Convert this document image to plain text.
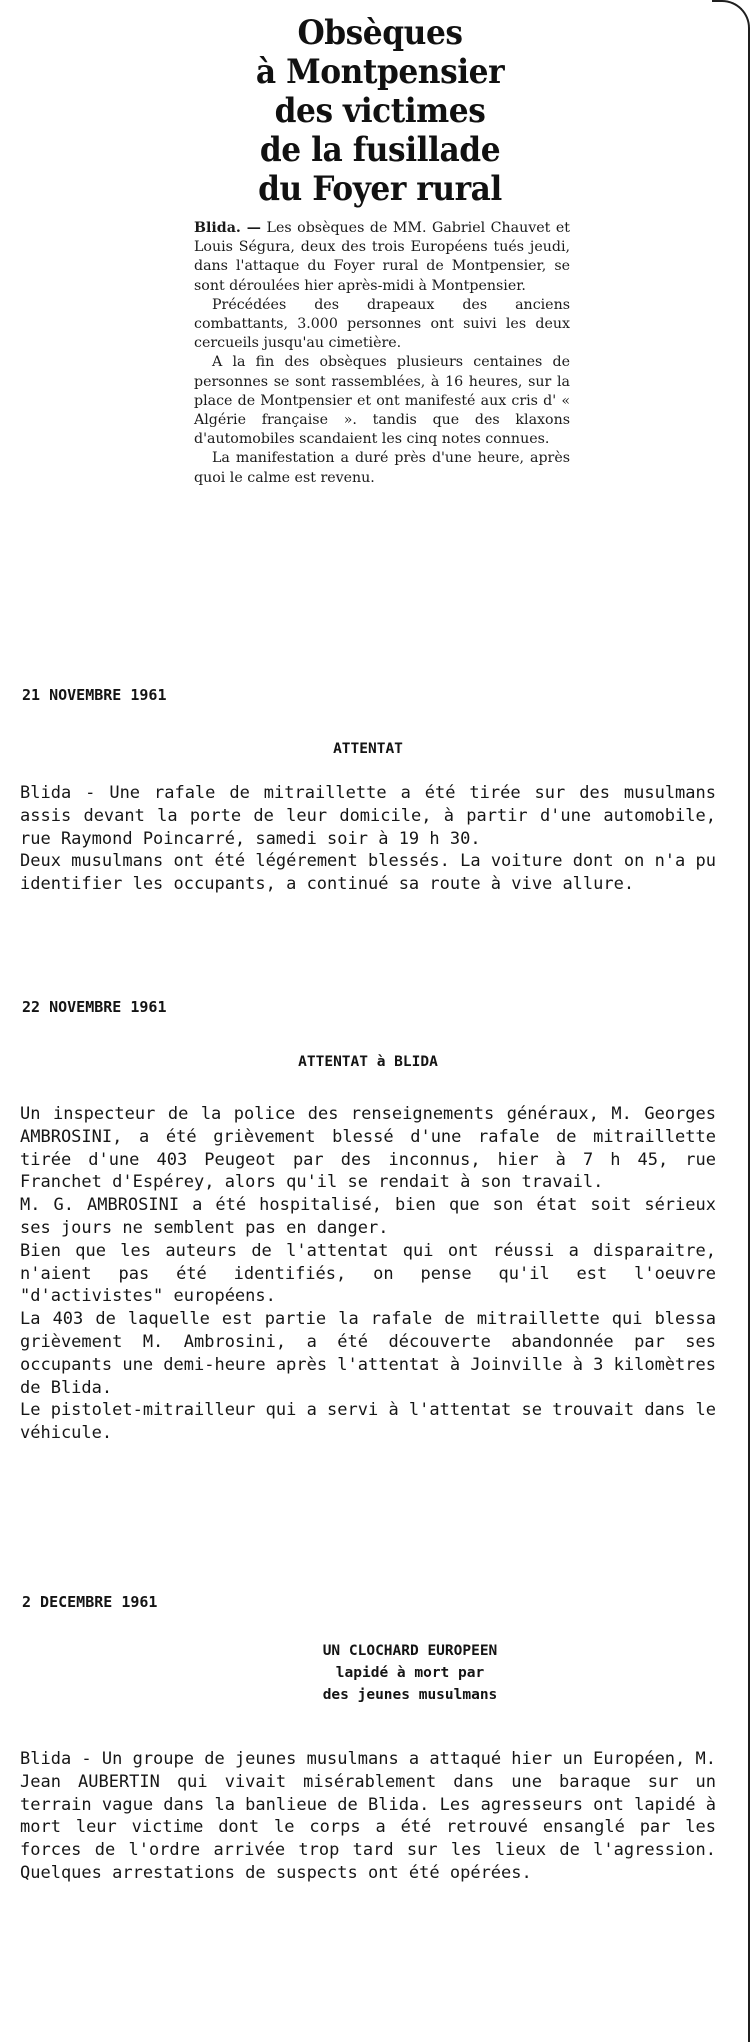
Obsèques
à Montpensier
des victimes
de la fusillade
du Foyer rural

Blida. — Les obsèques de MM. Gabriel Chauvet et Louis Ségura, deux des trois Européens tués jeudi, dans l'attaque du Foyer rural de Montpensier, se sont déroulées hier après-midi à Montpensier.

Précédées des drapeaux des anciens combattants, 3.000 personnes ont suivi les deux cercueils jusqu'au cimetière.

A la fin des obsèques plusieurs centaines de personnes se sont rassemblées, à 16 heures, sur la place de Montpensier et ont manifesté aux cris d' « Algérie française ». tandis que des klaxons d'automobiles scandaient les cinq notes connues.

La manifestation a duré près d'une heure, après quoi le calme est revenu.

21 NOVEMBRE 1961
ATTENTAT

Blida - Une rafale de mitraillette a été tirée sur des musulmans assis devant la porte de leur domicile, à partir d'une automobile, rue Raymond Poincarré, samedi soir à 19 h 30.

Deux musulmans ont été légérement blessés. La voiture dont on n'a pu identifier les occupants, a continué sa route à vive allure.

22 NOVEMBRE 1961
ATTENTAT à BLIDA

Un inspecteur de la police des renseignements généraux, M. Georges AMBROSINI, a été grièvement blessé d'une rafale de mitraillette tirée d'une 403 Peugeot par des inconnus, hier à 7 h 45, rue Franchet d'Espérey, alors qu'il se rendait à son travail.

M. G. AMBROSINI a été hospitalisé, bien que son état soit sérieux ses jours ne semblent pas en danger.

Bien que les auteurs de l'attentat qui ont réussi a disparaitre, n'aient pas été identifiés, on pense qu'il est l'oeuvre "d'activistes" européens.

La 403 de laquelle est partie la rafale de mitraillette qui blessa grièvement M. Ambrosini, a été découverte abandonnée par ses occupants une demi-heure après l'attentat à Joinville à 3 kilomètres de Blida.

Le pistolet-mitrailleur qui a servi à l'attentat se trouvait dans le véhicule.

2 DECEMBRE 1961
UN CLOCHARD EUROPEEN
lapidé à mort par
des jeunes musulmans

Blida - Un groupe de jeunes musulmans a attaqué hier un Européen, M. Jean AUBERTIN qui vivait misérablement dans une baraque sur un terrain vague dans la banlieue de Blida. Les agresseurs ont lapidé à mort leur victime dont le corps a été retrouvé ensanglé par les forces de l'ordre arrivée trop tard sur les lieux de l'agression. Quelques arrestations de suspects ont été opérées.
